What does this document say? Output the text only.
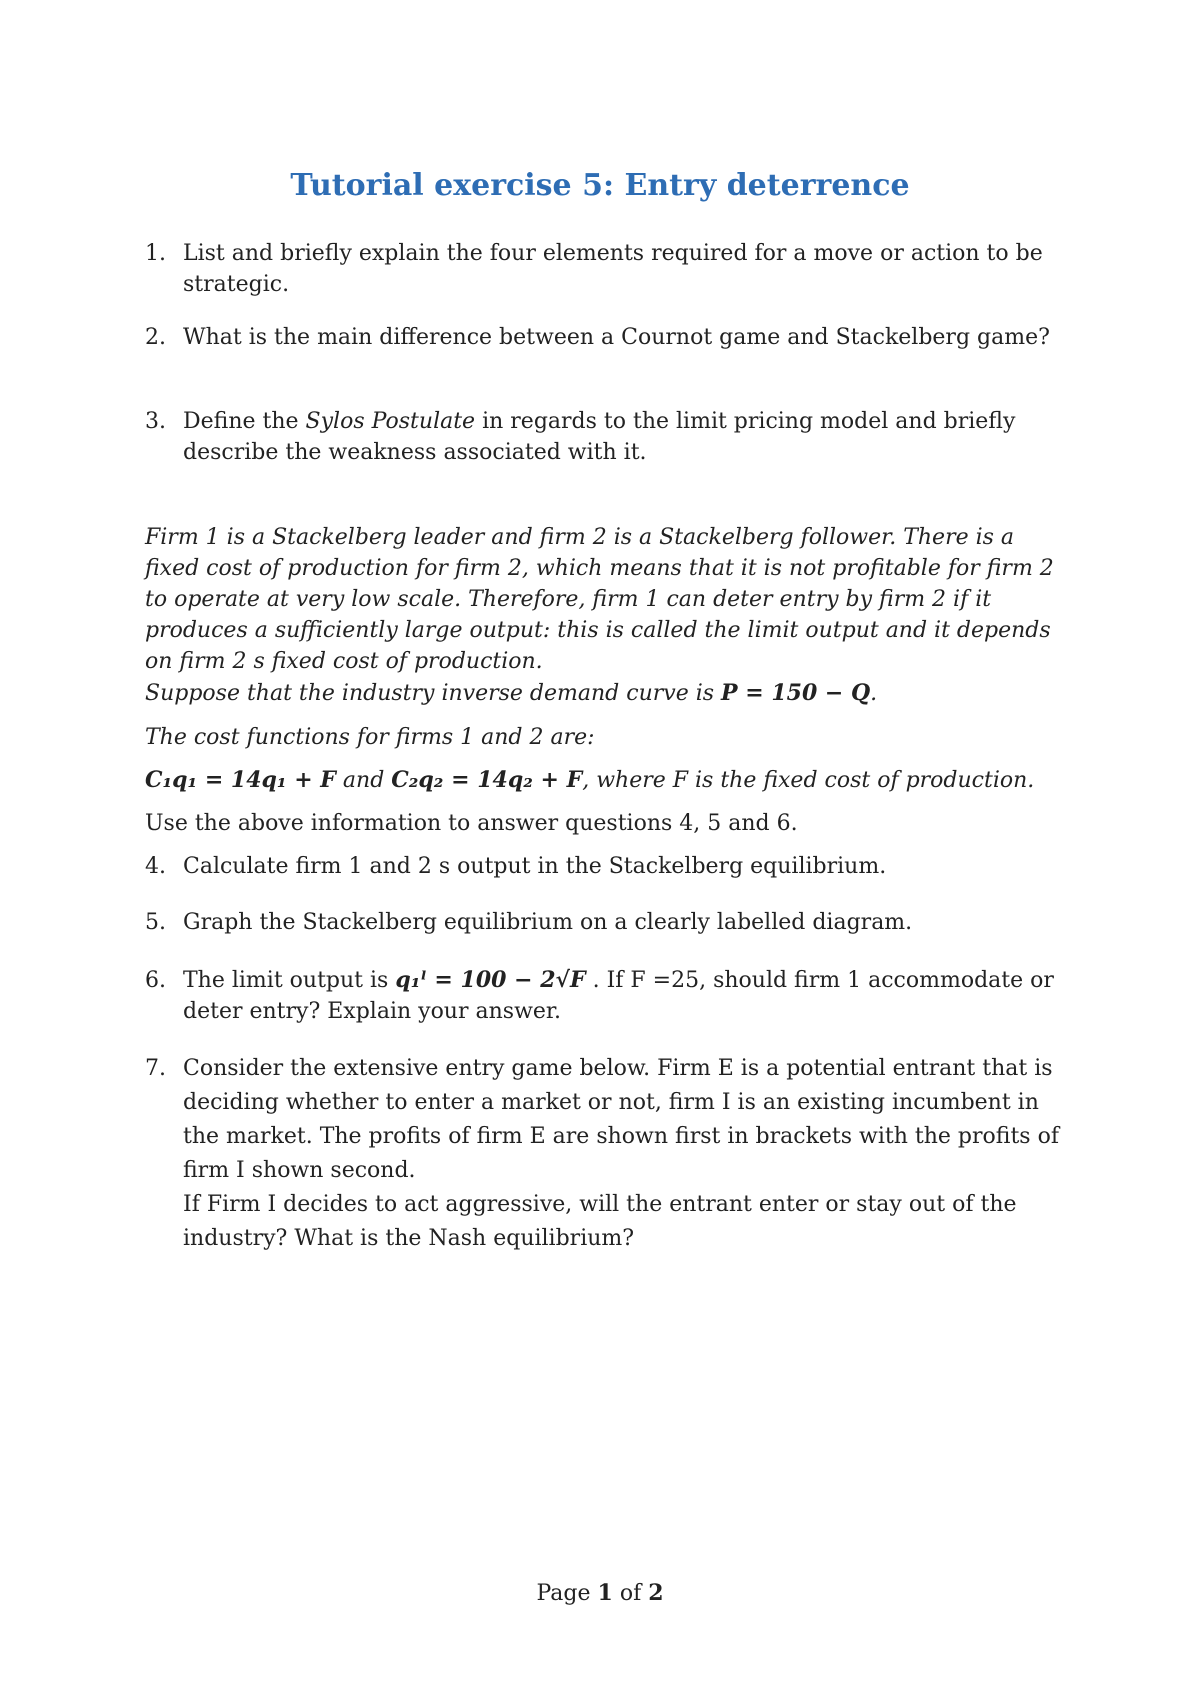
Tutorial exercise 5: Entry deterrence
1. List and briefly explain the four elements required for a move or action to be strategic.
2. What is the main difference between a Cournot game and Stackelberg game?
3. Define the Sylos Postulate in regards to the limit pricing model and briefly describe the weakness associated with it.
Firm 1 is a Stackelberg leader and firm 2 is a Stackelberg follower. There is a fixed cost of production for firm 2, which means that it is not profitable for firm 2 to operate at very low scale. Therefore, firm 1 can deter entry by firm 2 if it produces a sufficiently large output: this is called the limit output and it depends on firm 2 s fixed cost of production.
Suppose that the industry inverse demand curve is P = 150 − Q.
The cost functions for firms 1 and 2 are:
C₁q₁ = 14q₁ + F and C₂q₂ = 14q₂ + F, where F is the fixed cost of production.
Use the above information to answer questions 4, 5 and 6.
4. Calculate firm 1 and 2 s output in the Stackelberg equilibrium.
5. Graph the Stackelberg equilibrium on a clearly labelled diagram.
6. The limit output is q₁ˡ = 100 − 2√F . If F =25, should firm 1 accommodate or deter entry? Explain your answer.
7. Consider the extensive entry game below. Firm E is a potential entrant that is deciding whether to enter a market or not, firm I is an existing incumbent in the market. The profits of firm E are shown first in brackets with the profits of firm I shown second.
If Firm I decides to act aggressive, will the entrant enter or stay out of the industry? What is the Nash equilibrium?
Page 1 of 2
